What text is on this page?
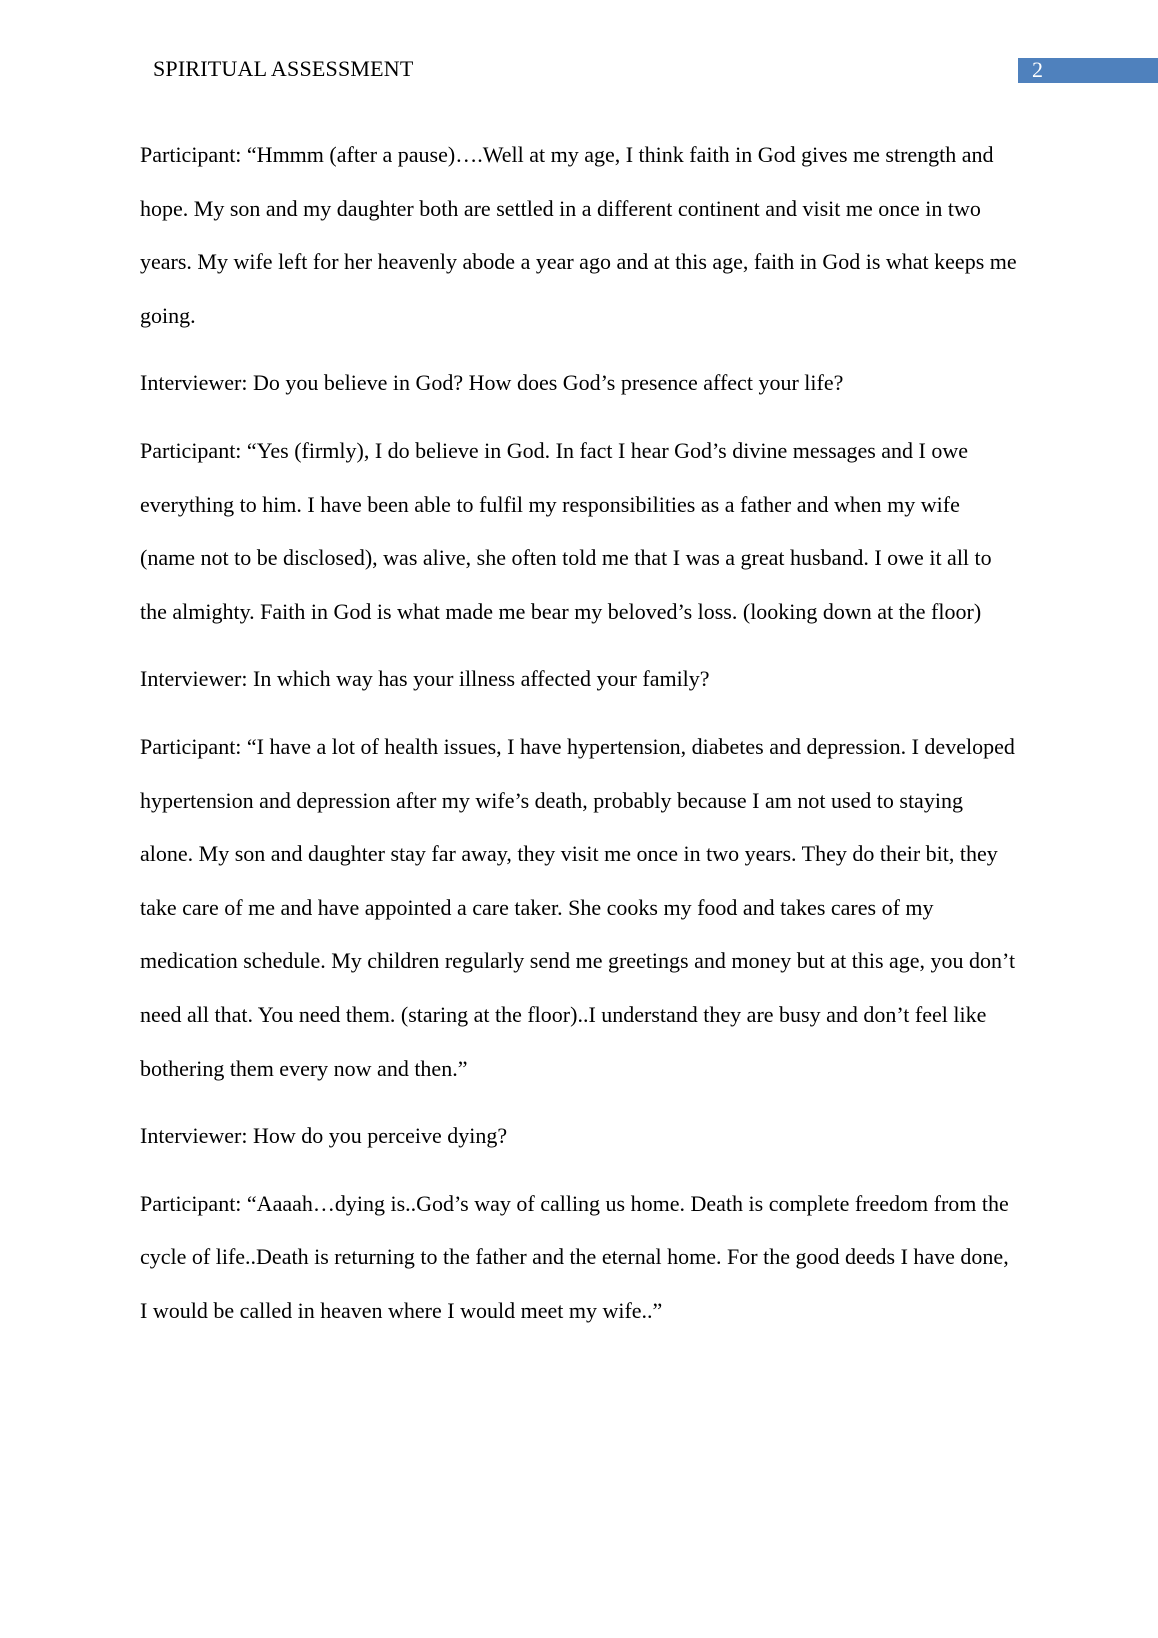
SPIRITUAL ASSESSMENT	2

Participant: “Hmmm (after a pause)….Well at my age, I think faith in God gives me strength and hope. My son and my daughter both are settled in a different continent and visit me once in two years. My wife left for her heavenly abode a year ago and at this age, faith in God is what keeps me going.

Interviewer: Do you believe in God? How does God’s presence affect your life?

Participant: “Yes (firmly), I do believe in God. In fact I hear God’s divine messages and I owe everything to him. I have been able to fulfil my responsibilities as a father and when my wife (name not to be disclosed), was alive, she often told me that I was a great husband. I owe it all to the almighty. Faith in God is what made me bear my beloved’s loss. (looking down at the floor)

Interviewer: In which way has your illness affected your family?

Participant: “I have a lot of health issues, I have hypertension, diabetes and depression. I developed hypertension and depression after my wife’s death, probably because I am not used to staying alone. My son and daughter stay far away, they visit me once in two years. They do their bit, they take care of me and have appointed a care taker. She cooks my food and takes cares of my medication schedule. My children regularly send me greetings and money but at this age, you don’t need all that. You need them. (staring at the floor)..I understand they are busy and don’t feel like bothering them every now and then.”

Interviewer: How do you perceive dying?

Participant: “Aaaah…dying is..God’s way of calling us home. Death is complete freedom from the cycle of life..Death is returning to the father and the eternal home. For the good deeds I have done, I would be called in heaven where I would meet my wife..”
